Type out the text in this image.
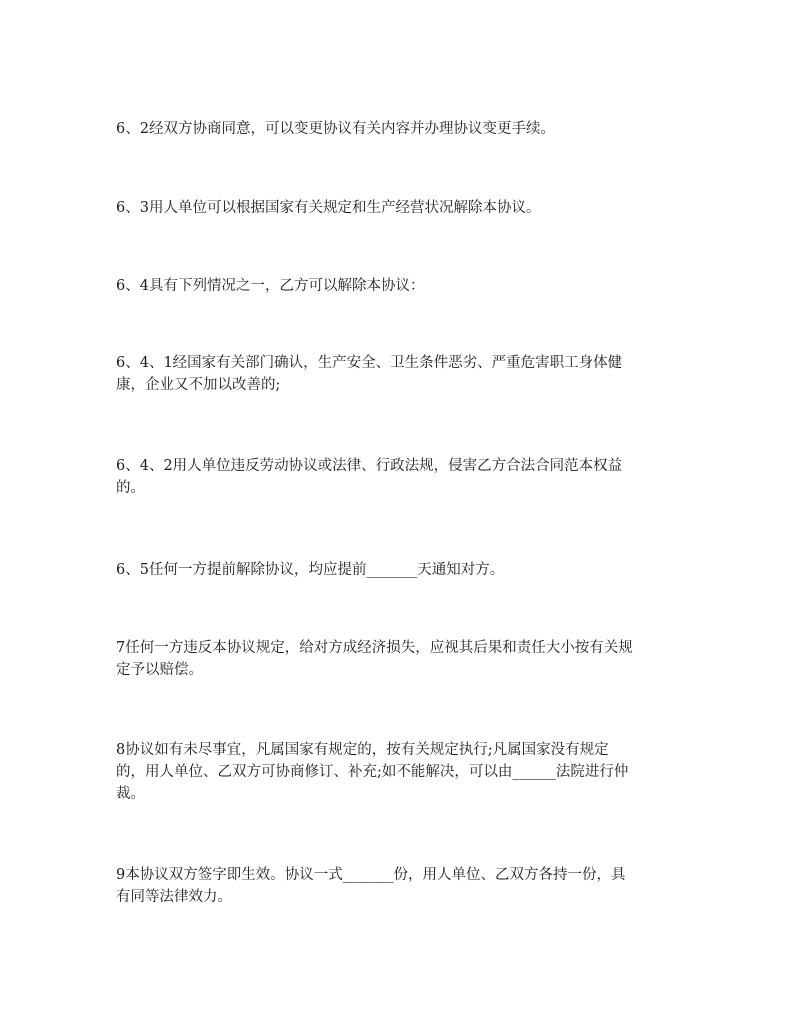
6、2经双方协商同意，可以变更协议有关内容并办理协议变更手续。
6、3用人单位可以根据国家有关规定和生产经营状况解除本协议。
6、4具有下列情况之一，乙方可以解除本协议：
6、4、1经国家有关部门确认，生产安全、卫生条件恶劣、严重危害职工身体健
康，企业又不加以改善的;
6、4、2用人单位违反劳动协议或法律、行政法规，侵害乙方合法合同范本权益
的。
6、5任何一方提前解除协议，均应提前_______天通知对方。
7任何一方违反本协议规定，给对方成经济损失，应视其后果和责任大小按有关规
定予以赔偿。
8协议如有未尽事宜，凡属国家有规定的，按有关规定执行;凡属国家没有规定
的，用人单位、乙双方可协商修订、补充;如不能解决，可以由______法院进行仲
裁。
9本协议双方签字即生效。协议一式_______份，用人单位、乙双方各持一份，具
有同等法律效力。
